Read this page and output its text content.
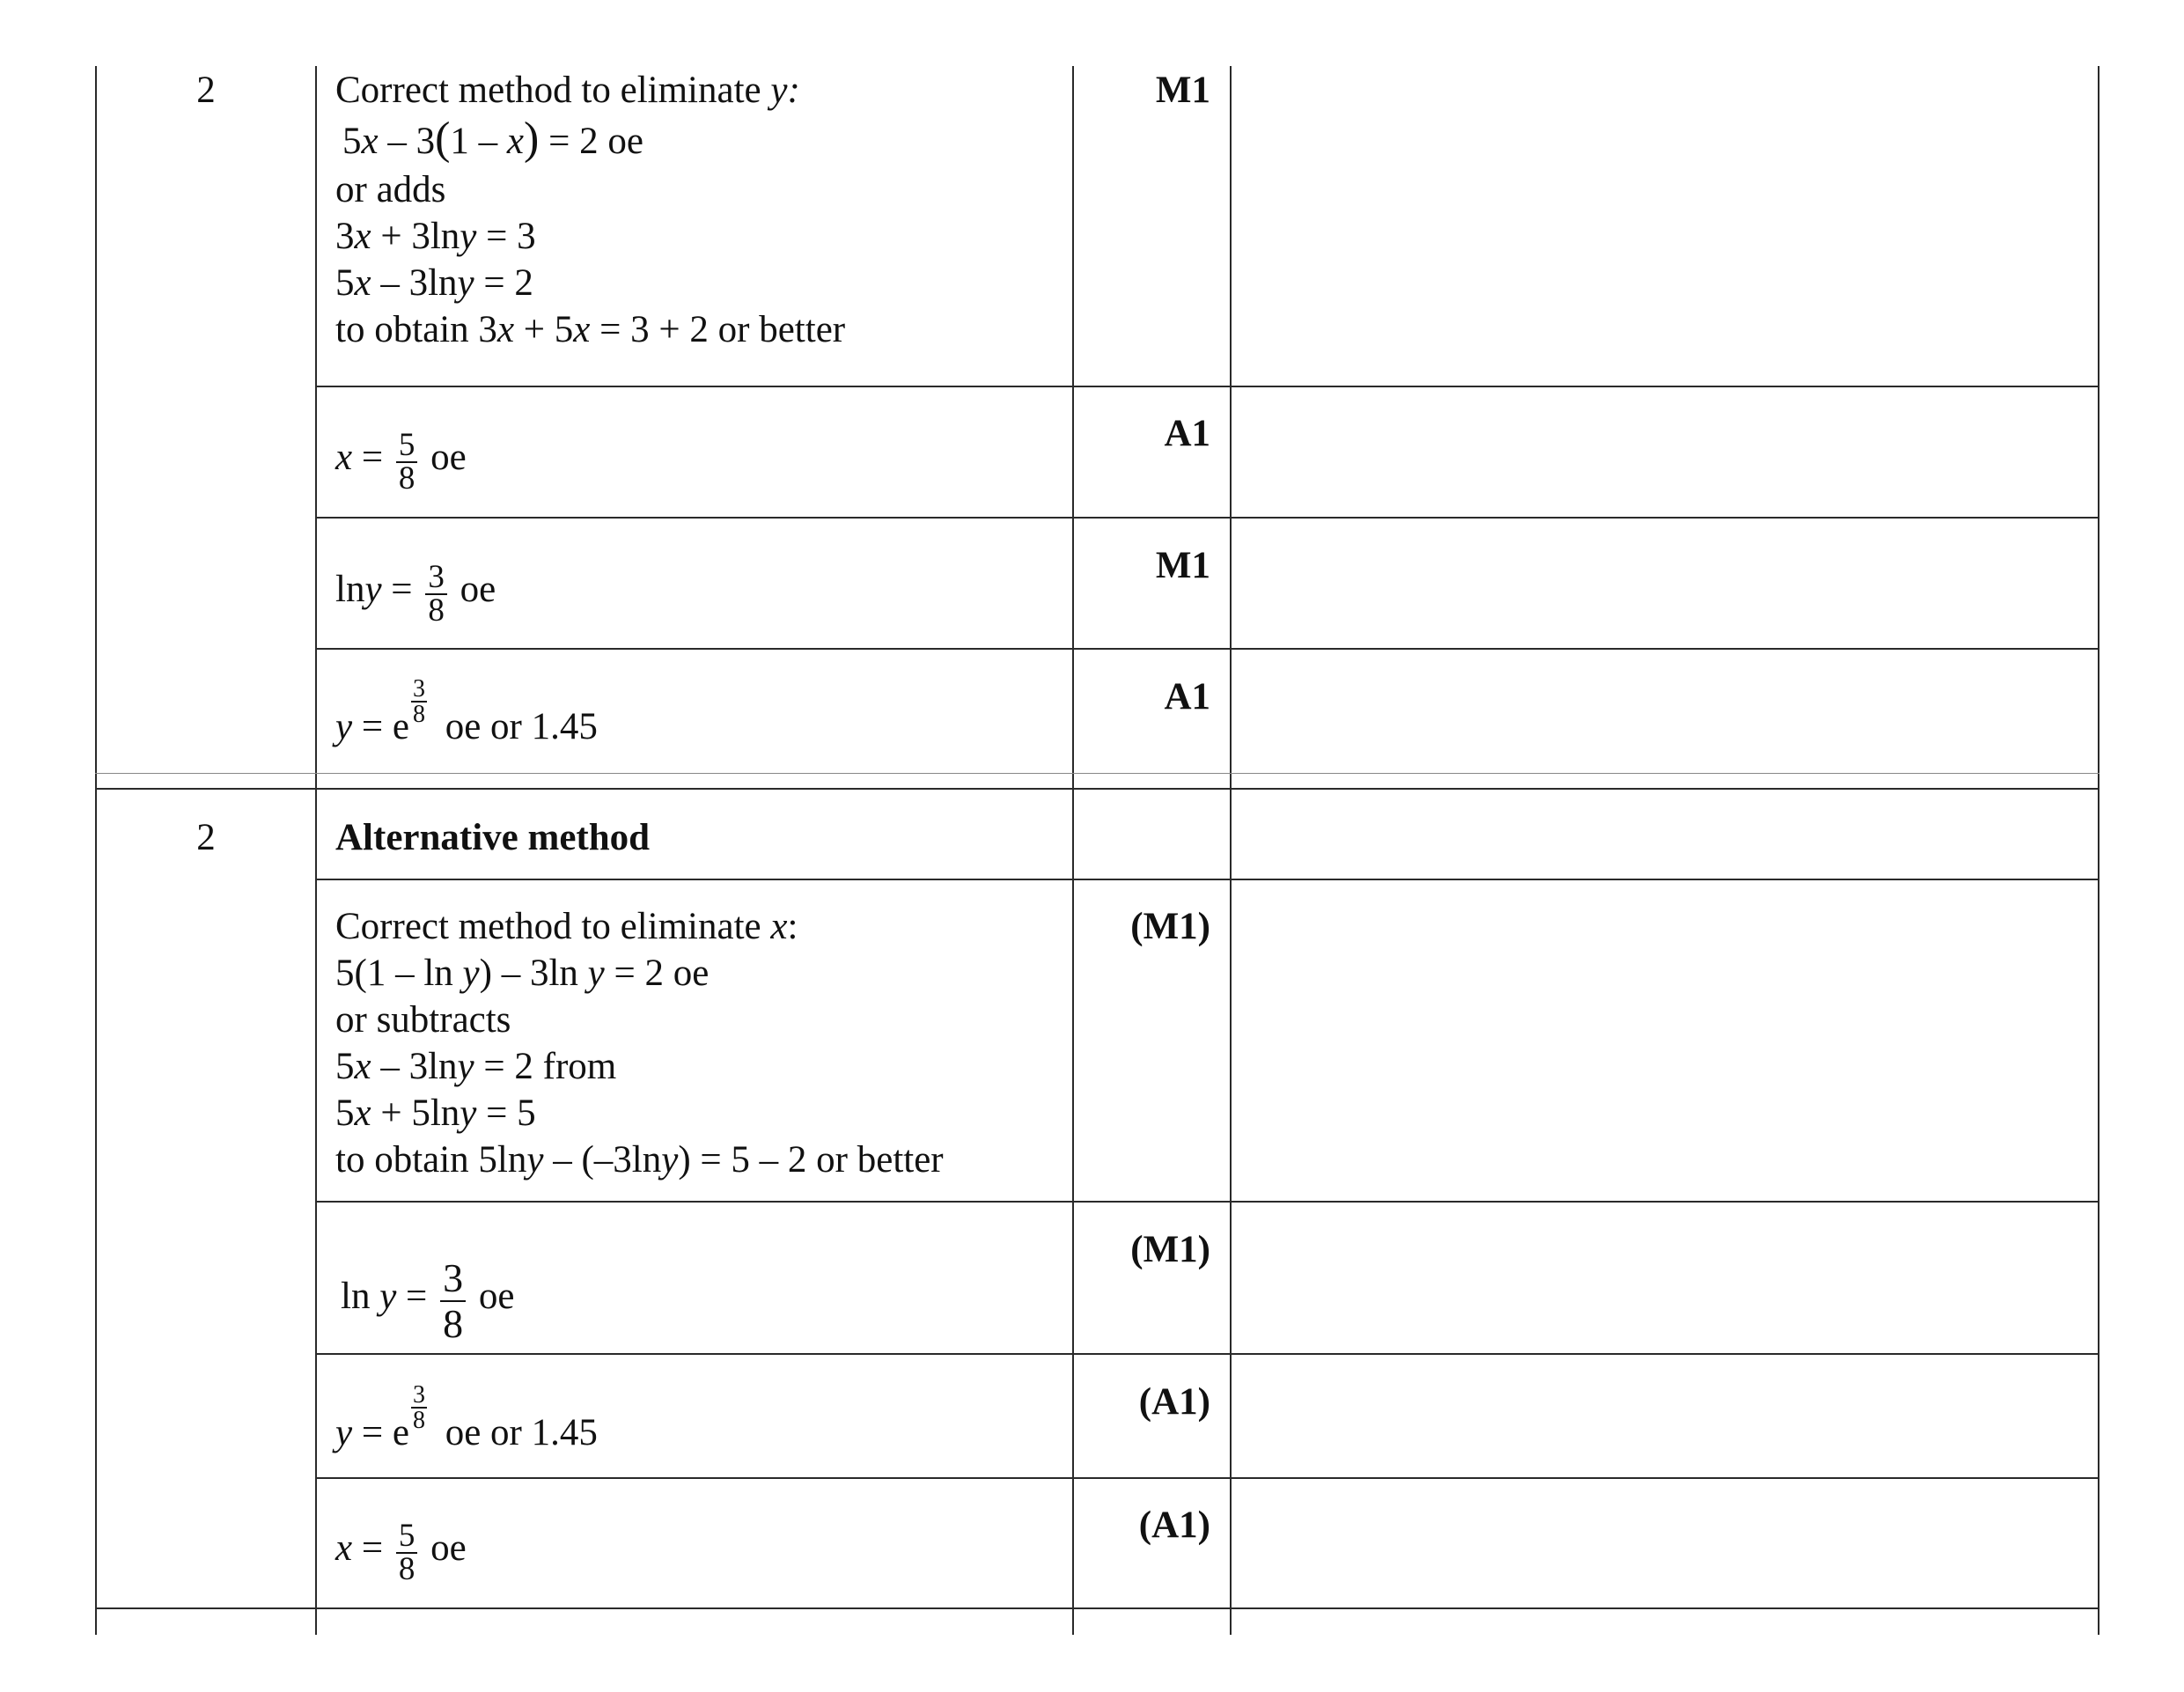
2	Correct method to eliminate y:
5x – 3(1 – x) = 2 oe
or adds
3x + 3lny = 3
5x – 3lny = 2
to obtain 3x + 5x = 3 + 2 or better
M1
$x = \frac{5}{8}$ oe
A1
$\ln y = \frac{3}{8}$ oe
M1
y = e
3
8 oe or 1.45
A1
2	Alternative method
Correct method to eliminate x:
5(1 – ln y) – 3ln y = 2 oe
or subtracts
5x – 3lny = 2 from
5x + 5lny = 5
to obtain 5lny – (–3lny) = 5 – 2 or better
(M1)
$\ln y = \frac{3}{8}$ oe
(M1)
y = e
3
8 oe or 1.45
(A1)
$x = \frac{5}{8}$ oe
(A1)
